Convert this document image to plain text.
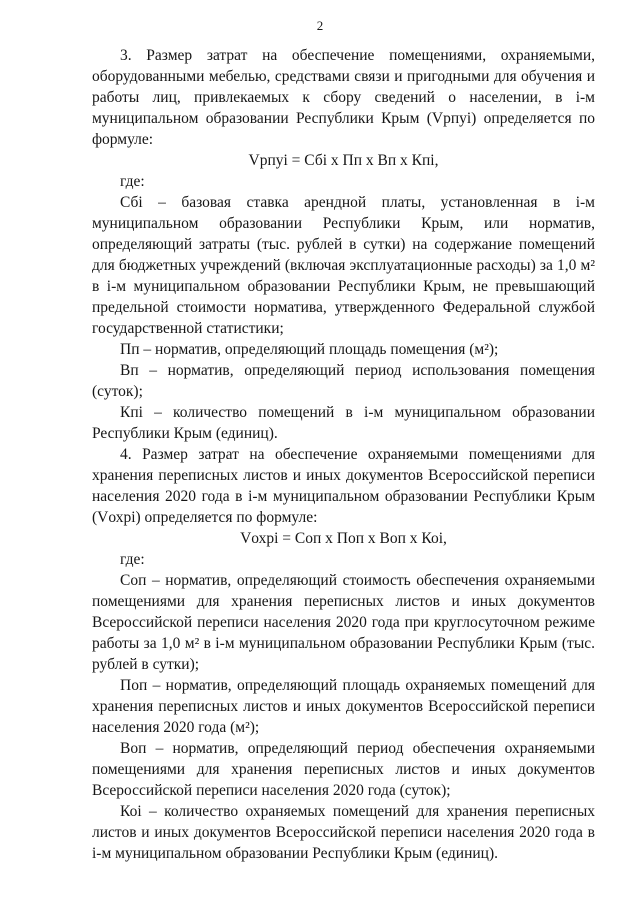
2

3. Размер затрат на обеспечение помещениями, охраняемыми, оборудованными мебелью, средствами связи и пригодными для обучения и работы лиц, привлекаемых к сбору сведений о населении, в i-м муниципальном образовании Республики Крым (Vрпуi) определяется по формуле:

Vрпуi = Сбi x Пп x Вп x Кпi,

где:

Сбi – базовая ставка арендной платы, установленная в i-м муниципальном образовании Республики Крым, или норматив, определяющий затраты (тыс. рублей в сутки) на содержание помещений для бюджетных учреждений (включая эксплуатационные расходы) за 1,0 м² в i-м муниципальном образовании Республики Крым, не превышающий предельной стоимости норматива, утвержденного Федеральной службой государственной статистики;

Пп – норматив, определяющий площадь помещения (м²);

Вп – норматив, определяющий период использования помещения (суток);

Кпi – количество помещений в i-м муниципальном образовании Республики Крым (единиц).

4. Размер затрат на обеспечение охраняемыми помещениями для хранения переписных листов и иных документов Всероссийской переписи населения 2020 года в i-м муниципальном образовании Республики Крым (Vохрi) определяется по формуле:

Vохрi = Соп x Поп x Воп x Коi,

где:

Соп – норматив, определяющий стоимость обеспечения охраняемыми помещениями для хранения переписных листов и иных документов Всероссийской переписи населения 2020 года при круглосуточном режиме работы за 1,0 м² в i-м муниципальном образовании Республики Крым (тыс. рублей в сутки);

Поп – норматив, определяющий площадь охраняемых помещений для хранения переписных листов и иных документов Всероссийской переписи населения 2020 года (м²);

Воп – норматив, определяющий период обеспечения охраняемыми помещениями для хранения переписных листов и иных документов Всероссийской переписи населения 2020 года (суток);

Коi – количество охраняемых помещений для хранения переписных листов и иных документов Всероссийской переписи населения 2020 года в i-м муниципальном образовании Республики Крым (единиц).
